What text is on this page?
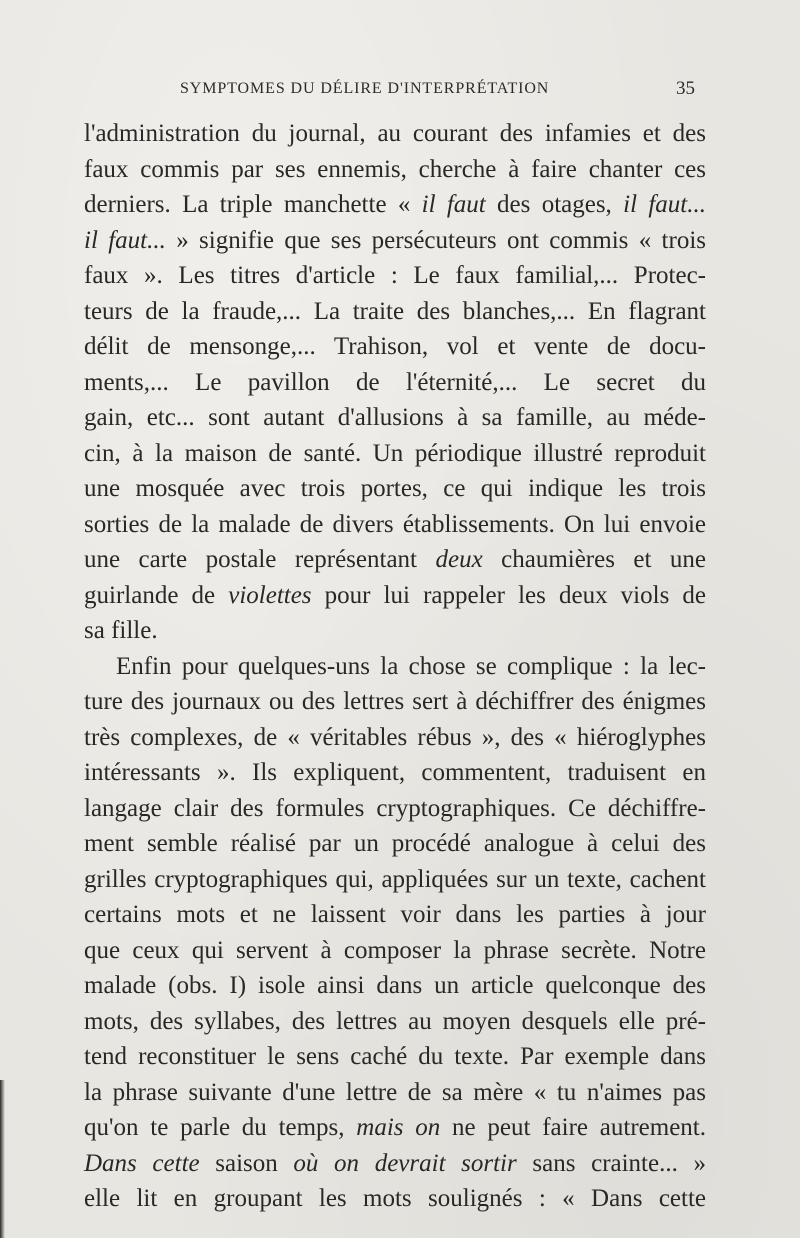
SYMPTOMES DU DÉLIRE D'INTERPRÉTATION	35
l'administration du journal, au courant des infamies et des
faux commis par ses ennemis, cherche à faire chanter ces
derniers. La triple manchette « il faut des otages, il faut...
il faut... » signifie que ses persécuteurs ont commis « trois
faux ». Les titres d'article : Le faux familial,... Protec-
teurs de la fraude,... La traite des blanches,... En flagrant
délit de mensonge,... Trahison, vol et vente de docu-
ments,... Le pavillon de l'éternité,... Le secret du
gain, etc... sont autant d'allusions à sa famille, au méde-
cin, à la maison de santé. Un périodique illustré reproduit
une mosquée avec trois portes, ce qui indique les trois
sorties de la malade de divers établissements. On lui envoie
une carte postale représentant deux chaumières et une
guirlande de violettes pour lui rappeler les deux viols de
sa fille.
Enfin pour quelques-uns la chose se complique : la lec-
ture des journaux ou des lettres sert à déchiffrer des énigmes
très complexes, de « véritables rébus », des « hiéroglyphes
intéressants ». Ils expliquent, commentent, traduisent en
langage clair des formules cryptographiques. Ce déchiffre-
ment semble réalisé par un procédé analogue à celui des
grilles cryptographiques qui, appliquées sur un texte, cachent
certains mots et ne laissent voir dans les parties à jour
que ceux qui servent à composer la phrase secrète. Notre
malade (obs. I) isole ainsi dans un article quelconque des
mots, des syllabes, des lettres au moyen desquels elle pré-
tend reconstituer le sens caché du texte. Par exemple dans
la phrase suivante d'une lettre de sa mère « tu n'aimes pas
qu'on te parle du temps, mais on ne peut faire autrement.
Dans cette saison où on devrait sortir sans crainte... »
elle lit en groupant les mots soulignés : « Dans cette
